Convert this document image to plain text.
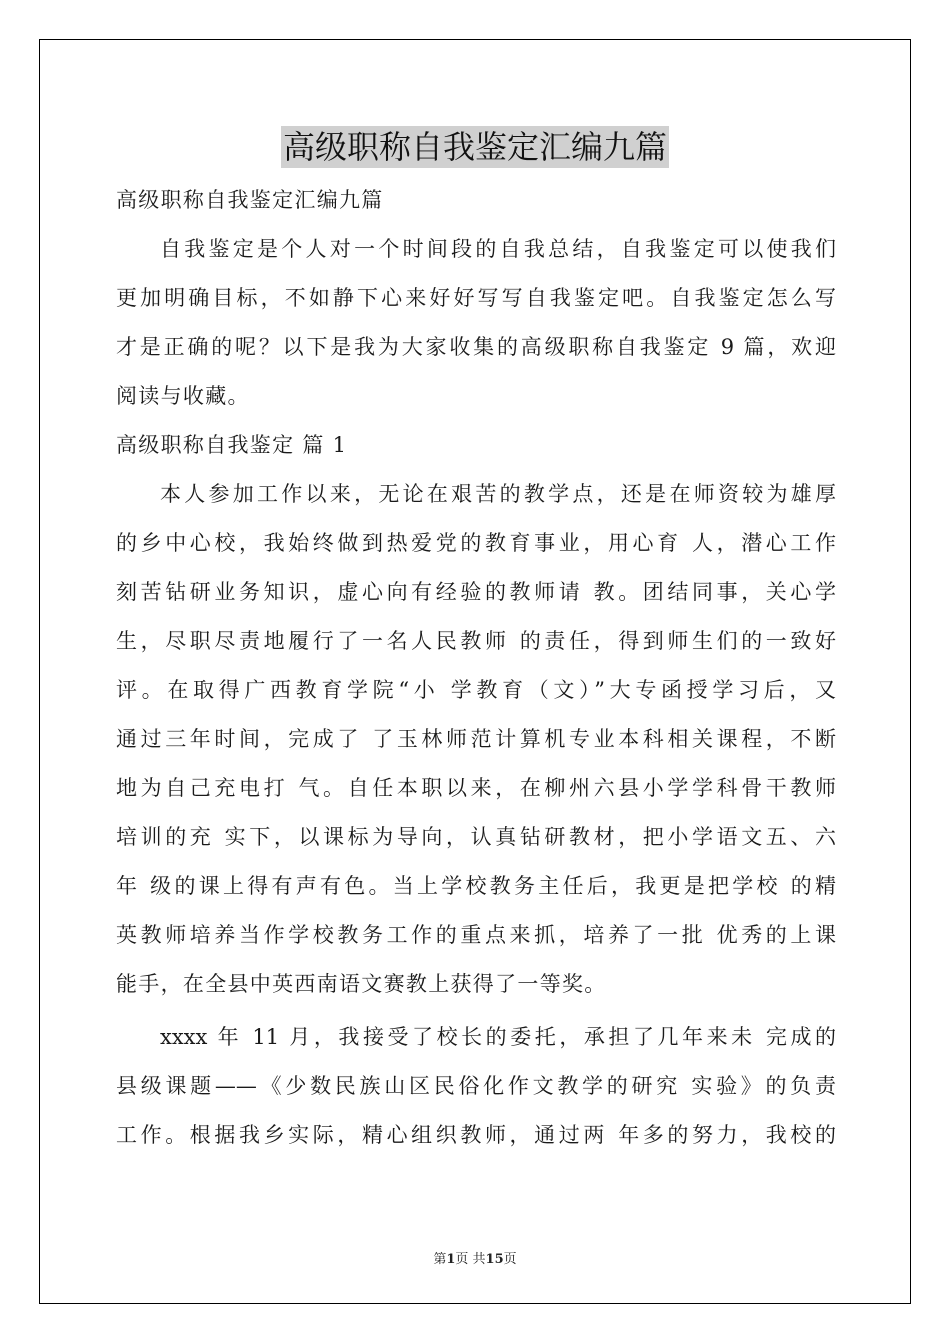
高级职称自我鉴定汇编九篇
高级职称自我鉴定汇编九篇
自我鉴定是个人对一个时间段的自我总结，自我鉴定可以使我们
更加明确目标，不如静下心来好好写写自我鉴定吧。自我鉴定怎么写
才是正确的呢？以下是我为大家收集的高级职称自我鉴定 9 篇，欢迎
阅读与收藏。
高级职称自我鉴定 篇 1
本人参加工作以来，无论在艰苦的教学点，还是在师资较为雄厚
的乡中心校，我始终做到热爱党的教育事业，用心育 人，潜心工作
刻苦钻研业务知识，虚心向有经验的教师请 教。团结同事，关心学
生，尽职尽责地履行了一名人民教师 的责任，得到师生们的一致好
评。在取得广西教育学院“小 学教育（文）”大专函授学习后，又
通过三年时间，完成了 了玉林师范计算机专业本科相关课程，不断
地为自己充电打 气。自任本职以来，在柳州六县小学学科骨干教师
培训的充 实下，以课标为导向，认真钻研教材，把小学语文五、六
年 级的课上得有声有色。当上学校教务主任后，我更是把学校 的精
英教师培养当作学校教务工作的重点来抓，培养了一批 优秀的上课
能手，在全县中英西南语文赛教上获得了一等奖。
xxxx 年 11 月，我接受了校长的委托，承担了几年来未 完成的
县级课题——《少数民族山区民俗化作文教学的研究 实验》的负责
工作。根据我乡实际，精心组织教师，通过两 年多的努力，我校的
第1页 共15页
